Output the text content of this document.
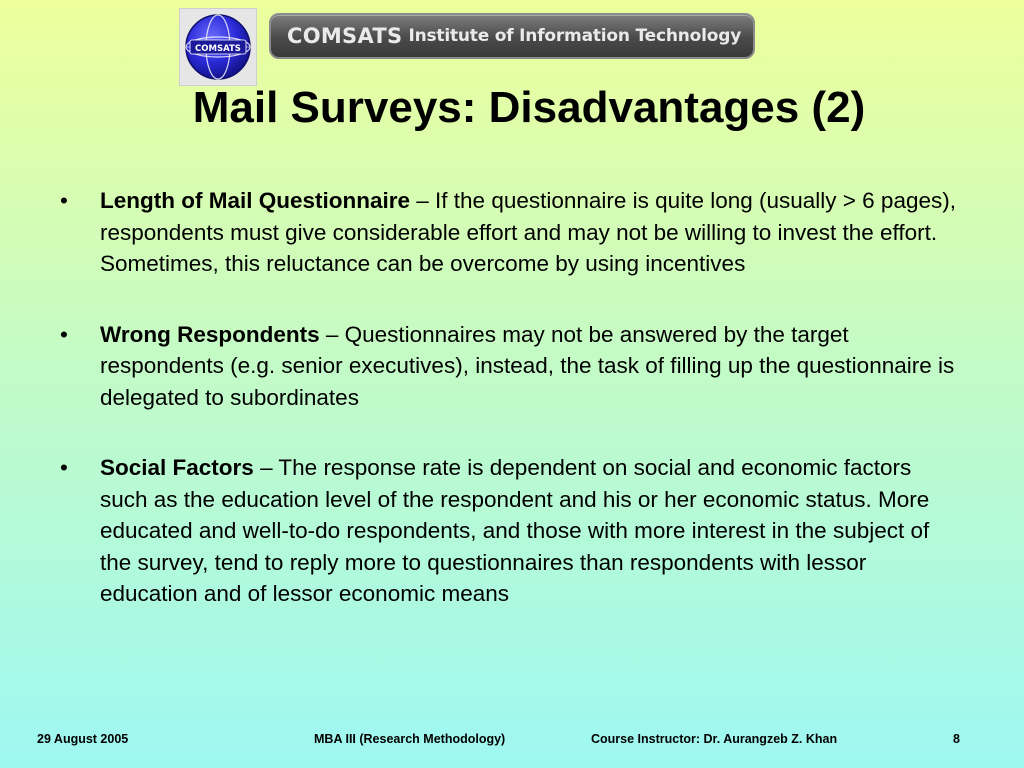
COMSATS
COMSATS Institute of Information Technology
Mail Surveys: Disadvantages (2)
• Length of Mail Questionnaire – If the questionnaire is quite long (usually > 6 pages), respondents must give considerable effort and may not be willing to invest the effort. Sometimes, this reluctance can be overcome by using incentives
• Wrong Respondents – Questionnaires may not be answered by the target respondents (e.g. senior executives), instead, the task of filling up the questionnaire is delegated to subordinates
• Social Factors – The response rate is dependent on social and economic factors such as the education level of the respondent and his or her economic status. More educated and well-to-do respondents, and those with more interest in the subject of the survey, tend to reply more to questionnaires than respondents with lessor education and of lessor economic means
29 August 2005	MBA III (Research Methodology)	Course Instructor: Dr. Aurangzeb Z. Khan	8
